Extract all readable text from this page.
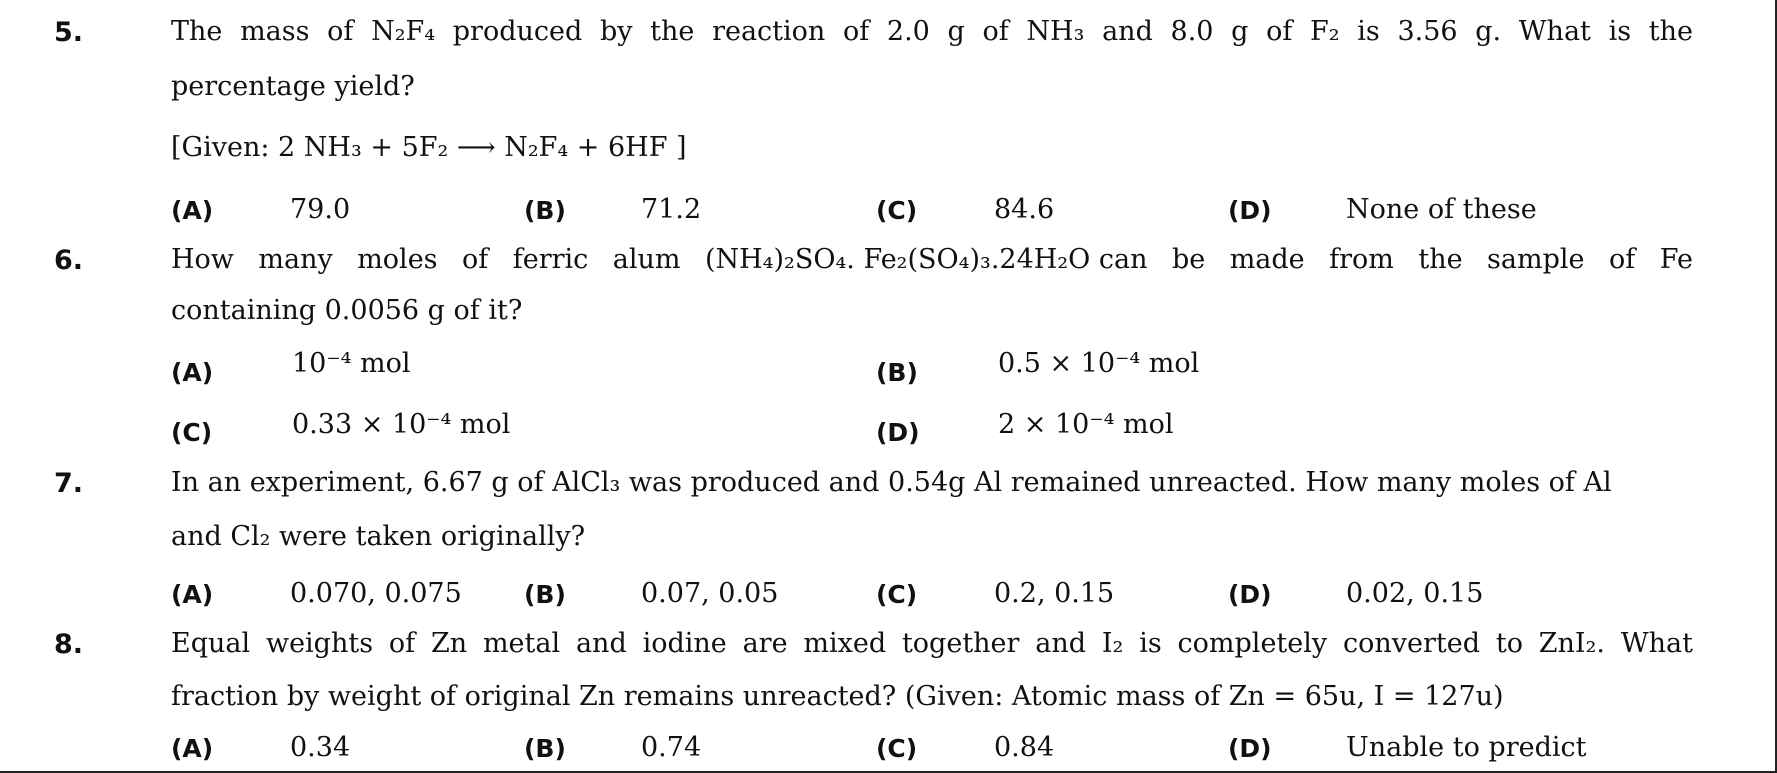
5.	The mass of N₂F₄ produced by the reaction of 2.0 g of NH₃ and 8.0 g of F₂ is 3.56 g. What is the
percentage yield?
[Given: 2 NH₃ + 5F₂ ⟶ N₂F₄ + 6HF ]
(A)	79.0	(B)	71.2	(C)	84.6	(D)	None of these
6.	How many moles of ferric alum (NH₄)₂SO₄. Fe₂(SO₄)₃.24H₂O can be made from the sample of Fe
containing 0.0056 g of it?
(A)	10⁻⁴ mol	(B)	0.5 × 10⁻⁴ mol
(C)	0.33 × 10⁻⁴ mol	(D)	2 × 10⁻⁴ mol
7.	In an experiment, 6.67 g of AlCl₃ was produced and 0.54g Al remained unreacted. How many moles of Al
and Cl₂ were taken originally?
(A)	0.070, 0.075 (B)	0.07, 0.05	(C)	0.2, 0.15	(D)	0.02, 0.15
8.	Equal weights of Zn metal and iodine are mixed together and I₂ is completely converted to ZnI₂. What
fraction by weight of original Zn remains unreacted? (Given: Atomic mass of Zn = 65u, I = 127u)
(A)	0.34	(B)	0.74	(C)	0.84	(D)	Unable to predict
